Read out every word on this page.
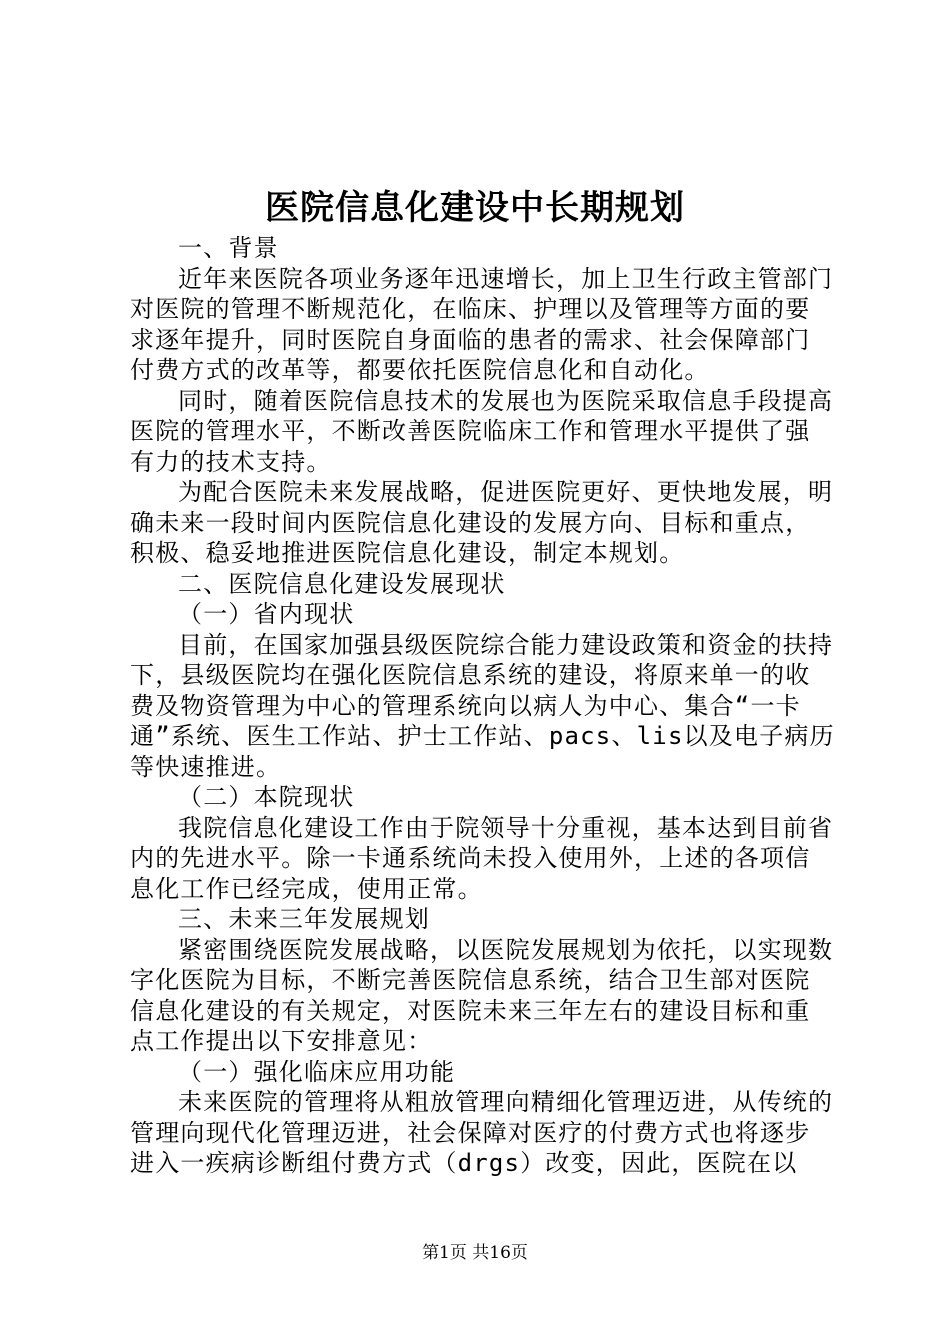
医院信息化建设中长期规划

一、背景

近年来医院各项业务逐年迅速增长，加上卫生行政主管部门对医院的管理不断规范化，在临床、护理以及管理等方面的要求逐年提升，同时医院自身面临的患者的需求、社会保障部门付费方式的改革等，都要依托医院信息化和自动化。

同时，随着医院信息技术的发展也为医院采取信息手段提高医院的管理水平，不断改善医院临床工作和管理水平提供了强有力的技术支持。

为配合医院未来发展战略，促进医院更好、更快地发展，明确未来一段时间内医院信息化建设的发展方向、目标和重点，积极、稳妥地推进医院信息化建设，制定本规划。

二、医院信息化建设发展现状

（一）省内现状

目前，在国家加强县级医院综合能力建设政策和资金的扶持下，县级医院均在强化医院信息系统的建设，将原来单一的收费及物资管理为中心的管理系统向以病人为中心、集合“一卡通”系统、医生工作站、护士工作站、pacs、lis以及电子病历等快速推进。

（二）本院现状

我院信息化建设工作由于院领导十分重视，基本达到目前省内的先进水平。除一卡通系统尚未投入使用外，上述的各项信息化工作已经完成，使用正常。

三、未来三年发展规划

紧密围绕医院发展战略，以医院发展规划为依托，以实现数字化医院为目标，不断完善医院信息系统，结合卫生部对医院信息化建设的有关规定，对医院未来三年左右的建设目标和重点工作提出以下安排意见：

（一）强化临床应用功能

未来医院的管理将从粗放管理向精细化管理迈进，从传统的管理向现代化管理迈进，社会保障对医疗的付费方式也将逐步进入一疾病诊断组付费方式（drgs）改变，因此，医院在以

第1页 共16页
